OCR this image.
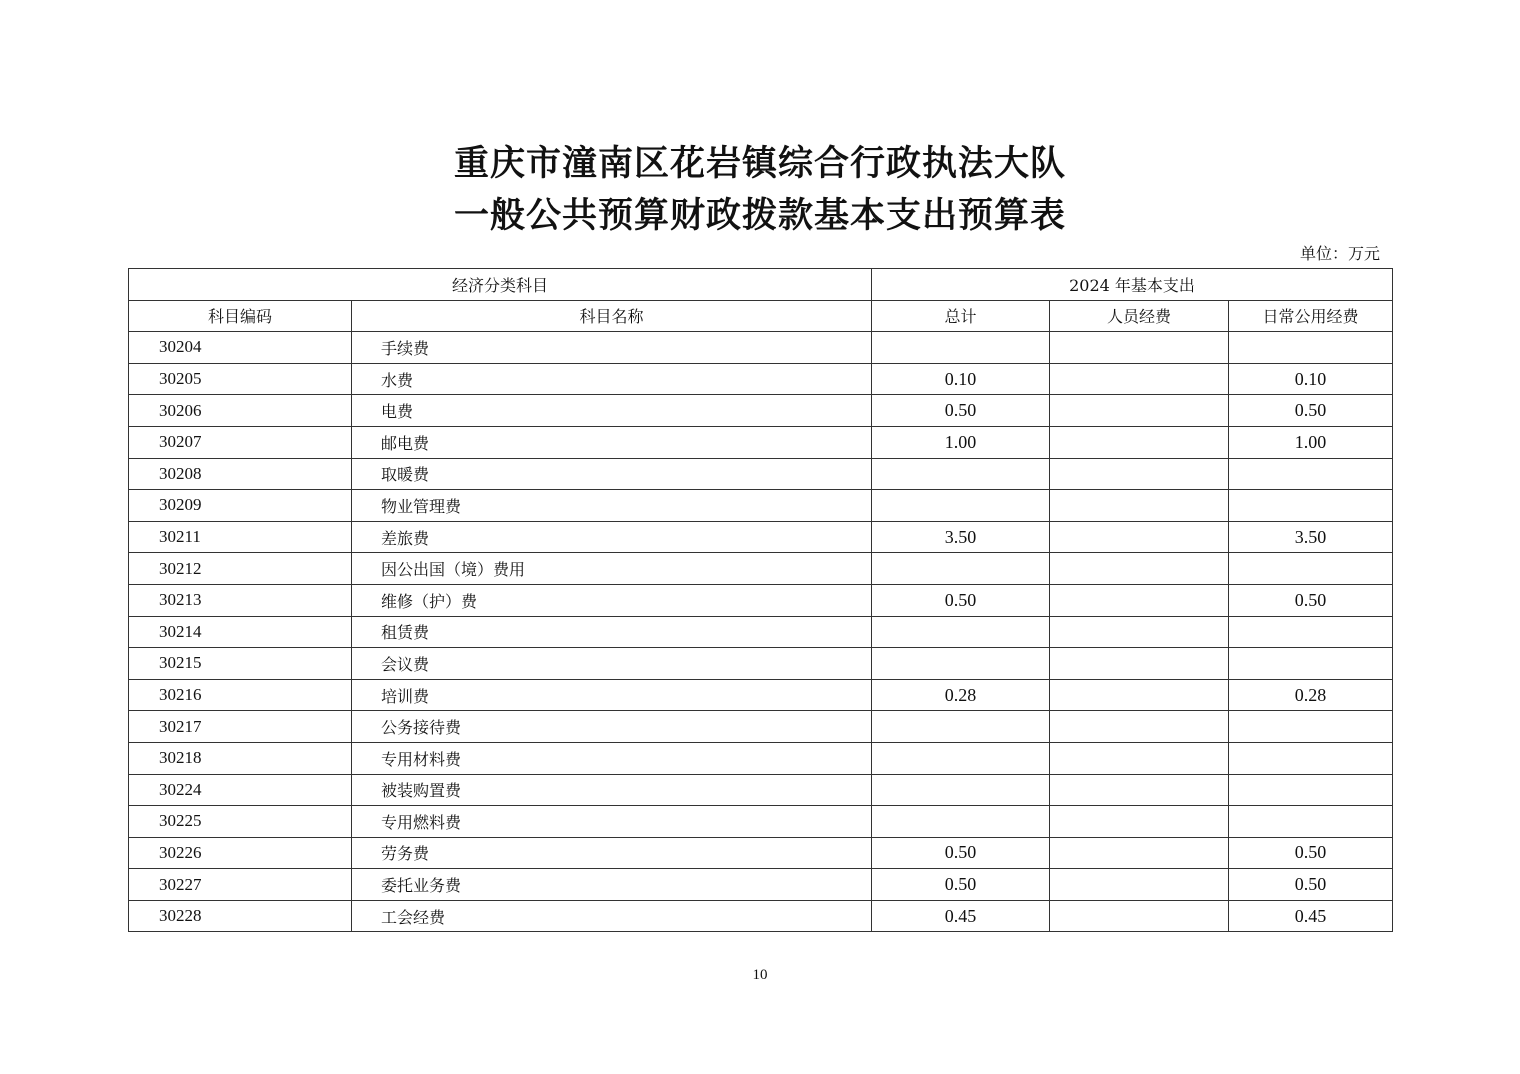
重庆市潼南区花岩镇综合行政执法大队
一般公共预算财政拨款基本支出预算表
单位：万元
经济分类科目		2024 年基本支出		
科目编码	科目名称	总计	人员经费	日常公用经费
30204	手续费			
30205	水费	0.10		0.10
30206	电费	0.50		0.50
30207	邮电费	1.00		1.00
30208	取暖费			
30209	物业管理费			
30211	差旅费	3.50		3.50
30212	因公出国（境）费用			
30213	维修（护）费	0.50		0.50
30214	租赁费			
30215	会议费			
30216	培训费	0.28		0.28
30217	公务接待费			
30218	专用材料费			
30224	被装购置费			
30225	专用燃料费			
30226	劳务费	0.50		0.50
30227	委托业务费	0.50		0.50
30228	工会经费	0.45		0.45
10
